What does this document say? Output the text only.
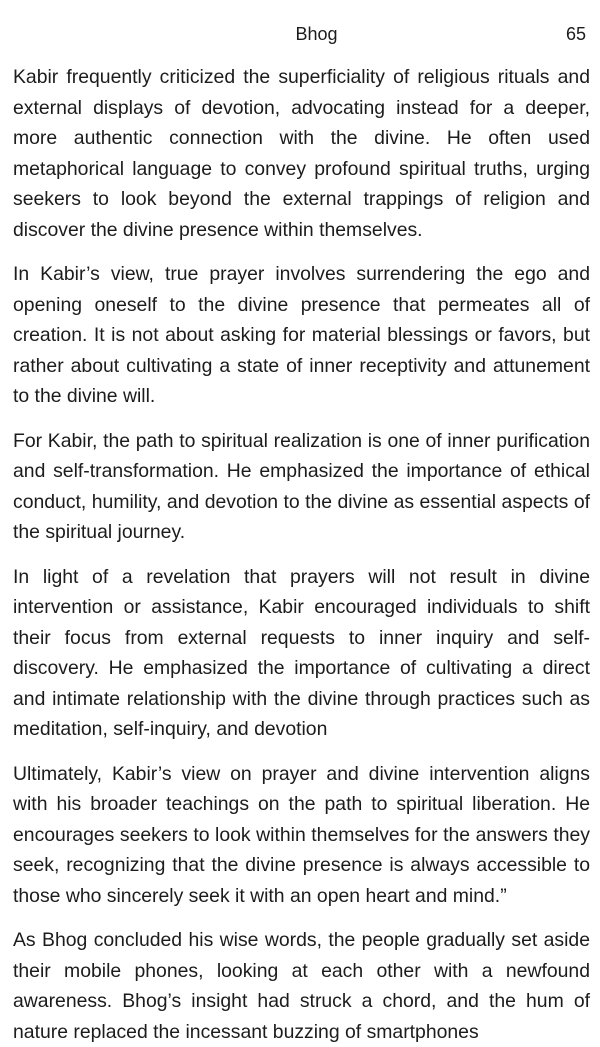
Bhog	65

Kabir frequently criticized the superficiality of religious rituals and external displays of devotion, advocating instead for a deeper, more authentic connection with the divine. He often used metaphorical language to convey profound spiritual truths, urging seekers to look beyond the external trappings of religion and discover the divine presence within themselves.

In Kabir’s view, true prayer involves surrendering the ego and opening oneself to the divine presence that permeates all of creation. It is not about asking for material blessings or favors, but rather about cultivating a state of inner receptivity and attunement to the divine will.

For Kabir, the path to spiritual realization is one of inner purification and self-transformation. He emphasized the importance of ethical conduct, humility, and devotion to the divine as essential aspects of the spiritual journey.

In light of a revelation that prayers will not result in divine intervention or assistance, Kabir encouraged individuals to shift their focus from external requests to inner inquiry and self-discovery. He emphasized the importance of cultivating a direct and intimate relationship with the divine through practices such as meditation, self-inquiry, and devotion

Ultimately, Kabir’s view on prayer and divine intervention aligns with his broader teachings on the path to spiritual liberation. He encourages seekers to look within themselves for the answers they seek, recognizing that the divine presence is always accessible to those who sincerely seek it with an open heart and mind.”

As Bhog concluded his wise words, the people gradually set aside their mobile phones, looking at each other with a newfound awareness. Bhog’s insight had struck a chord, and the hum of nature replaced the incessant buzzing of smartphones
